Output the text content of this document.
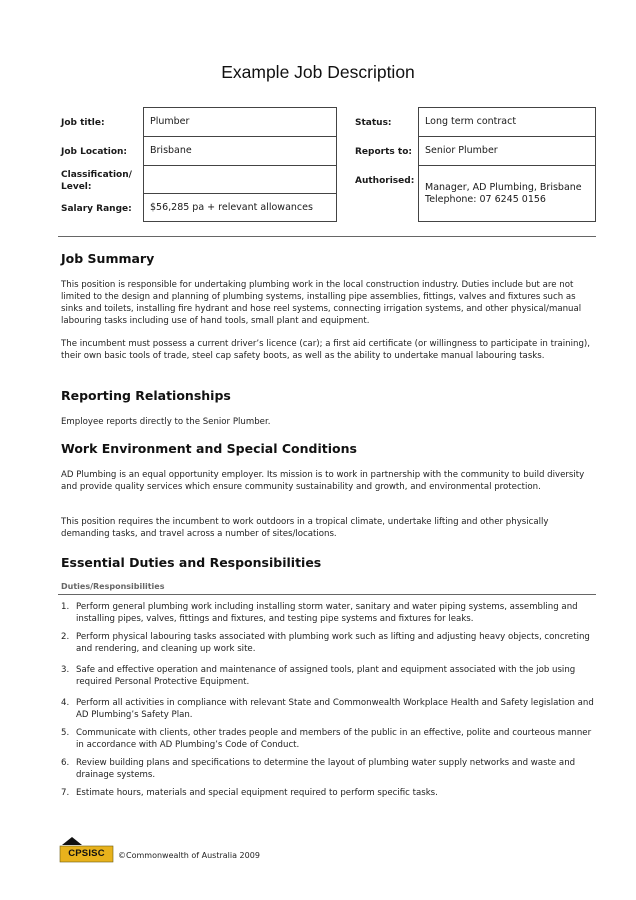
Example Job Description
Job title:
Job Location:
Classification/ Level:
Salary Range:
Plumber
Brisbane
$56,285 pa + relevant allowances
Status:
Reports to:
Authorised:
Long term contract
Senior Plumber
Manager, AD Plumbing, Brisbane
Telephone: 07 6245 0156
Job Summary

This position is responsible for undertaking plumbing work in the local construction industry. Duties include but are not limited to the design and planning of plumbing systems, installing pipe assemblies, fittings, valves and fixtures such as sinks and toilets, installing fire hydrant and hose reel systems, connecting irrigation systems, and other physical/manual labouring tasks including use of hand tools, small plant and equipment.

The incumbent must possess a current driver’s licence (car); a first aid certificate (or willingness to participate in training), their own basic tools of trade, steel cap safety boots, as well as the ability to undertake manual labouring tasks.

Reporting Relationships

Employee reports directly to the Senior Plumber.

Work Environment and Special Conditions

AD Plumbing is an equal opportunity employer. Its mission is to work in partnership with the community to build diversity and provide quality services which ensure community sustainability and growth, and environmental protection.

This position requires the incumbent to work outdoors in a tropical climate, undertake lifting and other physically demanding tasks, and travel across a number of sites/locations.

Essential Duties and Responsibilities
Duties/Responsibilities
1. Perform general plumbing work including installing storm water, sanitary and water piping systems, assembling and installing pipes, valves, fittings and fixtures, and testing pipe systems and fixtures for leaks.
2. Perform physical labouring tasks associated with plumbing work such as lifting and adjusting heavy objects, concreting and rendering, and cleaning up work site.
3. Safe and effective operation and maintenance of assigned tools, plant and equipment associated with the job using required Personal Protective Equipment.
4. Perform all activities in compliance with relevant State and Commonwealth Workplace Health and Safety legislation and AD Plumbing’s Safety Plan.
5. Communicate with clients, other trades people and members of the public in an effective, polite and courteous manner in accordance with AD Plumbing’s Code of Conduct.
6. Review building plans and specifications to determine the layout of plumbing water supply networks and waste and drainage systems.
7. Estimate hours, materials and special equipment required to perform specific tasks.
CPSISC	©Commonwealth of Australia 2009
